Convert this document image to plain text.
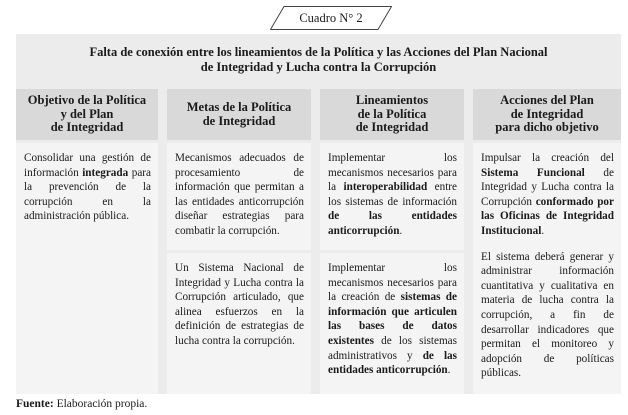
Cuadro N° 2
Falta de conexión entre los lineamientos de la Política y las Acciones del Plan Nacional
de Integridad y Lucha contra la Corrupción
Objetivo de la Política
y del Plan
de Integridad
Metas de la Política
de Integridad
Lineamientos
de la Política
de Integridad
Acciones del Plan
de Integridad
para dicho objetivo
Consolidar una gestión de información integrada para la prevención de la corrupción en la administración pública.
Mecanismos adecuados de procesamiento de información que permitan a las entidades anticorrupción diseñar estrategias para combatir la corrupción.
Un Sistema Nacional de Integridad y Lucha contra la Corrupción articulado, que alinea esfuerzos en la definición de estrategias de lucha contra la corrupción.
Implementar los mecanismos necesarios para la interoperabilidad entre los sistemas de información de las entidades anticorrupción.
Implementar los mecanismos necesarios para la creación de sistemas de información que articulen las bases de datos existentes de los sistemas administrativos y de las entidades anticorrupción.
Impulsar la creación del Sistema Funcional de Integridad y Lucha contra la Corrupción conformado por las Oficinas de Integridad Institucional.
El sistema deberá generar y administrar información cuantitativa y cualitativa en materia de lucha contra la corrupción, a fin de desarrollar indicadores que permitan el monitoreo y adopción de políticas públicas.
Fuente: Elaboración propia.
